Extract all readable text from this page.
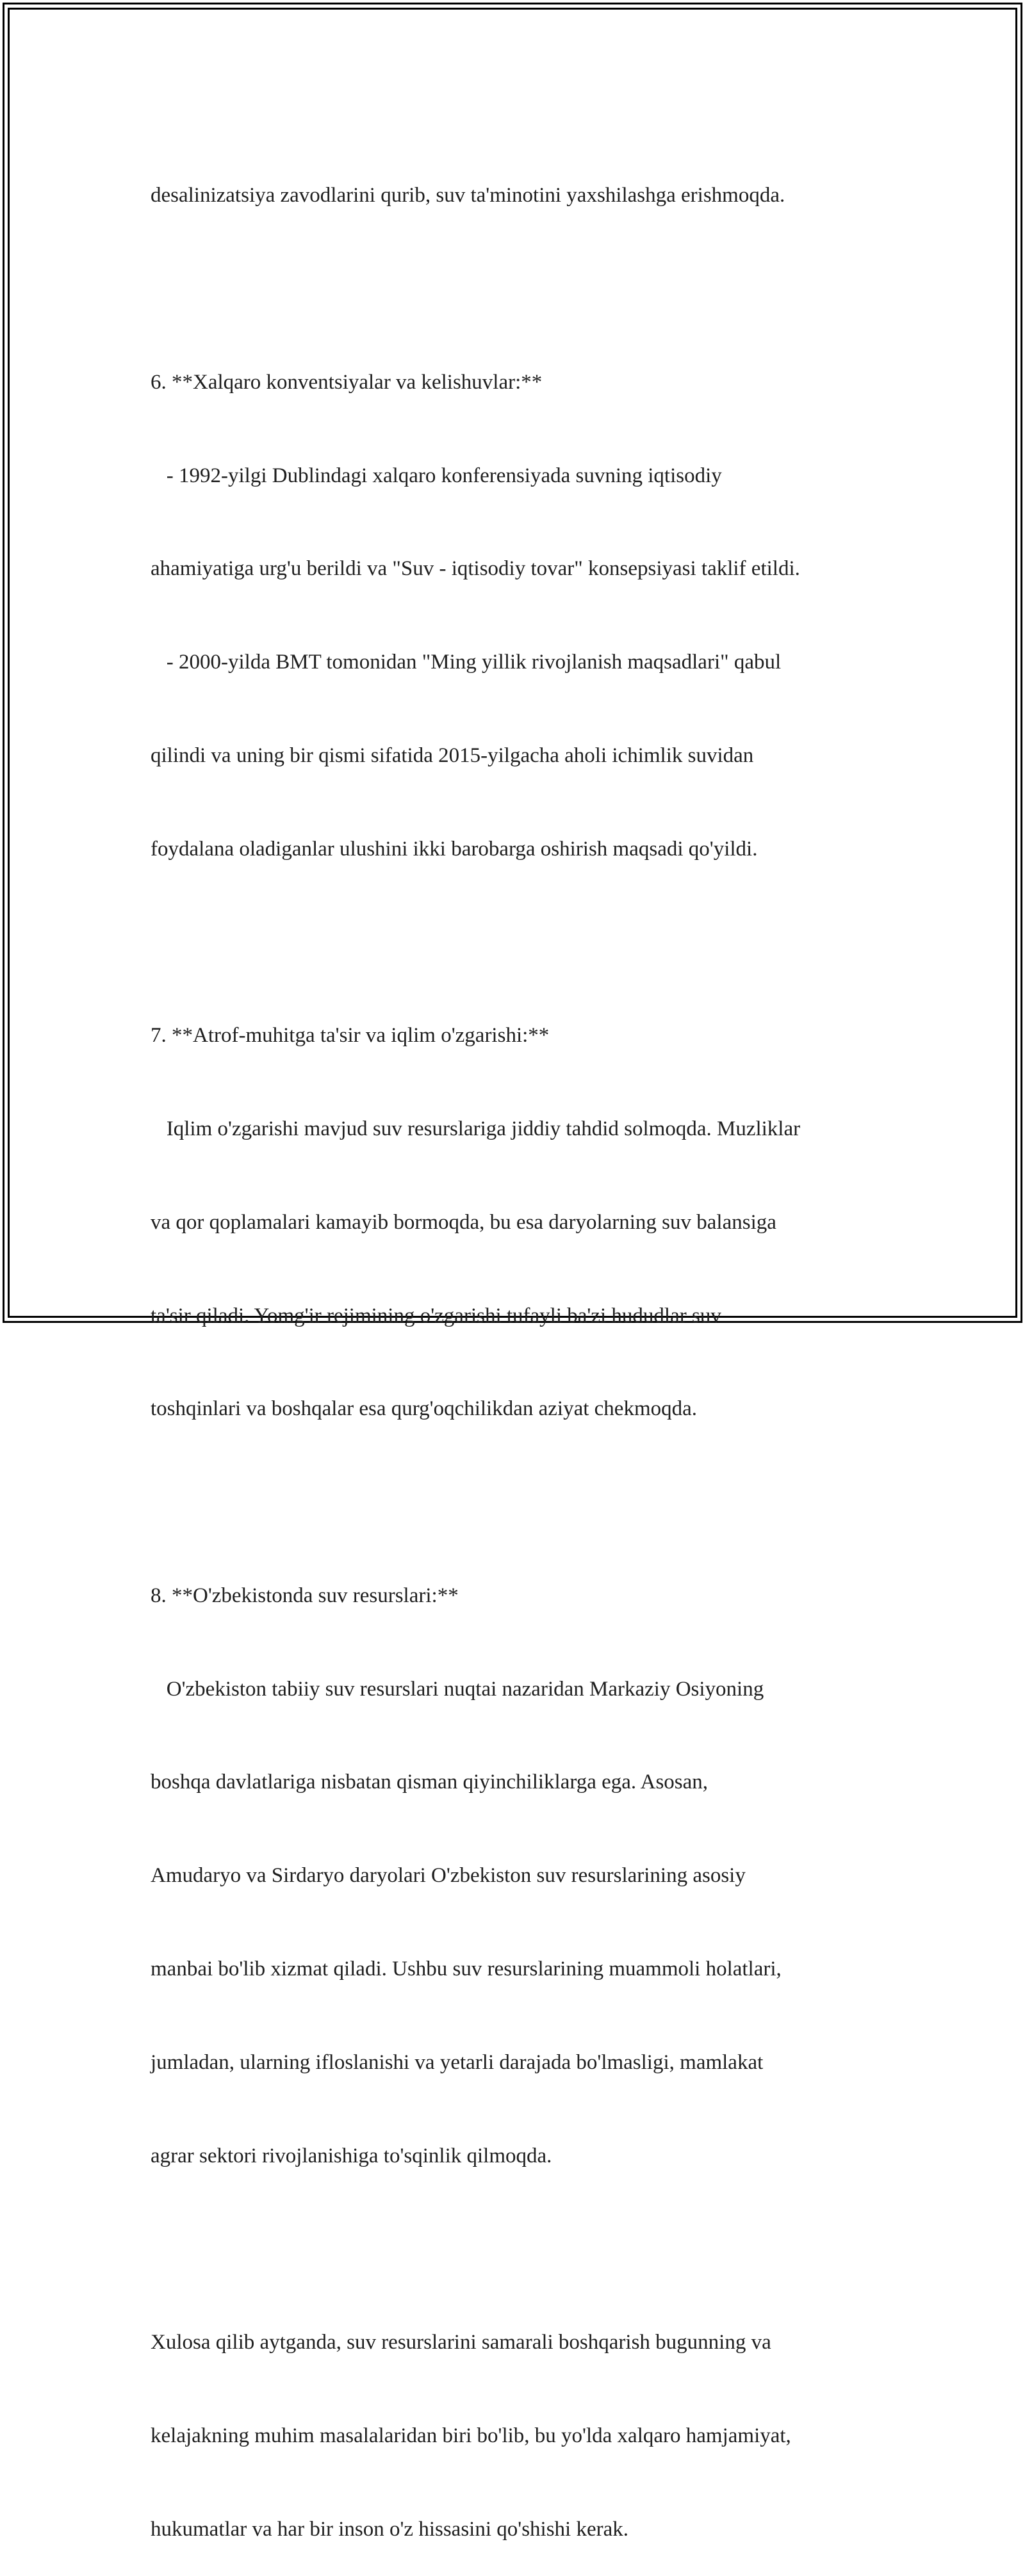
desalinizatsiya zavodlarini qurib, suv ta'minotini yaxshilashga erishmoqda.

6. **Xalqaro konventsiyalar va kelishuvlar:**

- 1992-yilgi Dublindagi xalqaro konferensiyada suvning iqtisodiy

ahamiyatiga urg'u berildi va "Suv - iqtisodiy tovar" konsepsiyasi taklif etildi.

- 2000-yilda BMT tomonidan "Ming yillik rivojlanish maqsadlari" qabul

qilindi va uning bir qismi sifatida 2015-yilgacha aholi ichimlik suvidan

foydalana oladiganlar ulushini ikki barobarga oshirish maqsadi qo'yildi.

7. **Atrof-muhitga ta'sir va iqlim o'zgarishi:**

Iqlim o'zgarishi mavjud suv resurslariga jiddiy tahdid solmoqda. Muzliklar

va qor qoplamalari kamayib bormoqda, bu esa daryolarning suv balansiga

ta'sir qiladi. Yomg'ir rejimining o'zgarishi tufayli ba'zi hududlar suv

toshqinlari va boshqalar esa qurg'oqchilikdan aziyat chekmoqda.

8. **O'zbekistonda suv resurslari:**

O'zbekiston tabiiy suv resurslari nuqtai nazaridan Markaziy Osiyoning

boshqa davlatlariga nisbatan qisman qiyinchiliklarga ega. Asosan,

Amudaryo va Sirdaryo daryolari O'zbekiston suv resurslarining asosiy

manbai bo'lib xizmat qiladi. Ushbu suv resurslarining muammoli holatlari,

jumladan, ularning ifloslanishi va yetarli darajada bo'lmasligi, mamlakat

agrar sektori rivojlanishiga to'sqinlik qilmoqda.

Xulosa qilib aytganda, suv resurslarini samarali boshqarish bugunning va

kelajakning muhim masalalaridan biri bo'lib, bu yo'lda xalqaro hamjamiyat,

hukumatlar va har bir inson o'z hissasini qo'shishi kerak.
